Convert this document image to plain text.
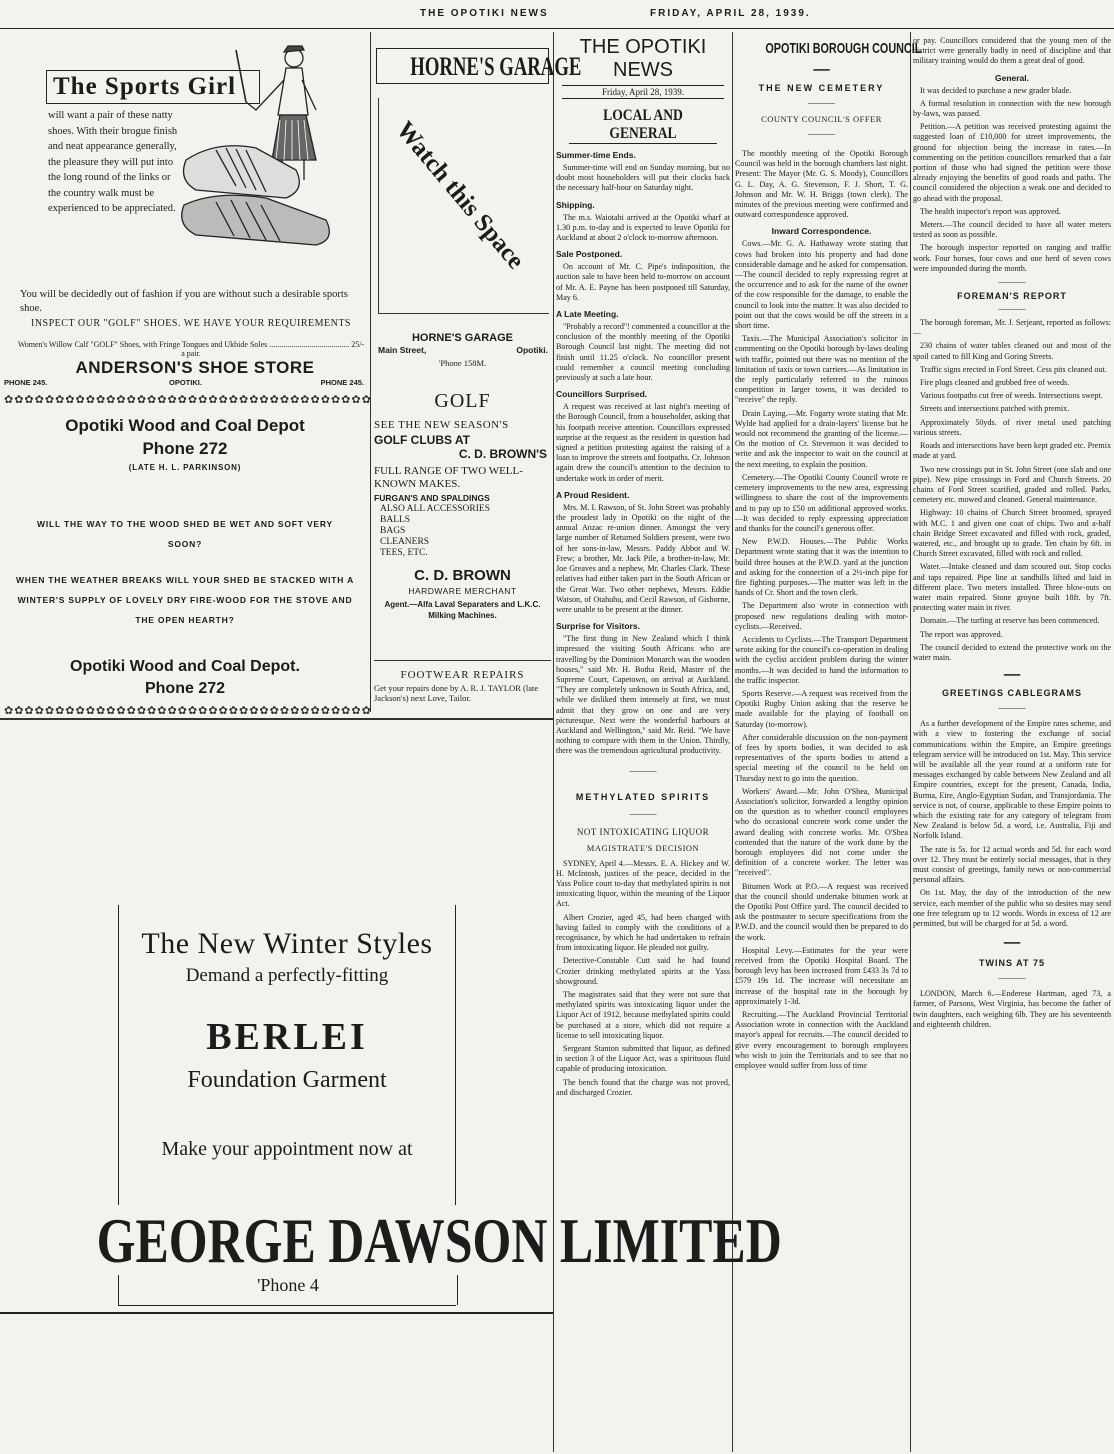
THE OPOTIKI NEWS	FRIDAY, APRIL 28, 1939.
The Sports Girl
will want a pair of these natty shoes. With their brogue finish and neat appearance generally, the pleasure they will put into the long round of the links or the country walk must be experienced to be appreciated.
You will be decidedly out of fashion if you are without such a desirable sports shoe.
INSPECT OUR "GOLF" SHOES. WE HAVE YOUR REQUIREMENTS
Women's Willow Calf "GOLF" Shoes, with Fringe Tongues and Ukbide Soles ........................................ 25/- a pair.
ANDERSON'S SHOE STORE
PHONE 245.	OPOTIKI.	PHONE 245.
✿✿✿✿✿✿✿✿✿✿✿✿✿✿✿✿✿✿✿✿✿✿✿✿✿✿✿✿✿✿✿✿✿✿✿✿
Opotiki Wood and Coal Depot
Phone 272
(LATE H. L. PARKINSON)
WILL THE WAY TO THE WOOD SHED BE WET AND SOFT VERY SOON?
WHEN THE WEATHER BREAKS WILL YOUR SHED BE STACKED WITH A WINTER'S SUPPLY OF LOVELY DRY FIRE-WOOD FOR THE STOVE AND THE OPEN HEARTH?
Opotiki Wood and Coal Depot.
Phone 272
✿✿✿✿✿✿✿✿✿✿✿✿✿✿✿✿✿✿✿✿✿✿✿✿✿✿✿✿✿✿✿✿✿✿✿✿
HORNE'S GARAGE
Watch this Space
HORNE'S GARAGE
Main Street,	Opotiki.
'Phone 158M.
GOLF
SEE THE NEW SEASON'S
GOLF CLUBS AT
C. D. BROWN'S
FULL RANGE OF TWO WELL-KNOWN MAKES.
FURGAN'S AND SPALDINGS
ALSO ALL ACCESSORIES
BALLS
BAGS
CLEANERS
TEES, ETC.
C. D. BROWN
HARDWARE MERCHANT
Agent.—Alfa Laval Separaters and L.K.C. Milking Machines.
FOOTWEAR REPAIRS
Get your repairs done by A. R. J. TAYLOR (late Jackson's) next Love, Tailor.
The New Winter Styles
Demand a perfectly-fitting
BERLEI
Foundation Garment
Make your appointment now at
GEORGE DAWSON LIMITED
'Phone 4
THE OPOTIKI NEWS
Friday, April 28, 1939.
LOCAL AND GENERAL
Summer-time Ends.

Summer-time will end on Sunday morning, but no doubt most householders will put their clocks back the necessary half-hour on Saturday night.

Shipping.

The m.s. Waiotahi arrived at the Opotiki wharf at 1.30 p.m. to-day and is expected to leave Opotiki for Auckland at about 2 o'clock to-morrow afternoon.

Sale Postponed.

On account of Mr. C. Pipe's indisposition, the auction sale to have been held to-morrow on account of Mr. A. E. Payne has been postponed till Saturday, May 6.

A Late Meeting.

"Probably a record"! commented a councillor at the conclusion of the monthly meeting of the Opotiki Borough Council last night. The meeting did not finish until 11.25 o'clock. No councillor present could remember a council meeting concluding previously at such a late hour.

Councillors Surprised.

A request was received at last night's meeting of the Borough Council, from a householder, asking that his footpath receive attention. Councillors expressed surprise at the request as the resident in question had signed a petition protesting against the raising of a loan to improve the streets and footpaths. Cr. Johnson again drew the council's attention to the decision to undertake work in order of merit.

A Proud Resident.

Mrs. M. I. Rawson, of St. John Street was probably the proudest lady in Opotiki on the night of the annual Anzac re-union dinner. Amongst the very large number of Returned Soldiers present, were two of her sons-in-law, Messrs. Paddy Abbot and W. Frew; a brother, Mr. Jack Pile, a brother-in-law, Mr. Joe Greaves and a nephew, Mr. Charles Clark. These relatives had either taken part in the South African or the Great War. Two other nephews, Messrs. Eddie Watson, of Otahuhu, and Cecil Rawson, of Gisborne, were unable to be present at the dinner.

Surprise for Visitors.

"The first thing in New Zealand which I think impressed the visiting South Africans who are travelling by the Dominion Monarch was the wooden houses," said Mr. H. Botha Reid, Master of the Supreme Court, Capetown, on arrival at Auckland. "They are completely unknown in South Africa, and, while we disliked them intensely at first, we must admit that they grow on one and are very picturesque. Next were the wonderful harbours at Auckland and Wellington," said Mr. Reid. "We have nothing to compare with them in the Union. Thirdly, there was the tremendous agricultural productivity.

———
METHYLATED SPIRITS
———
NOT INTOXICATING LIQUOR
MAGISTRATE'S DECISION

SYDNEY, April 4.—Messrs. E. A. Hickey and W. H. McIntosh, justices of the peace, decided in the Yass Police court to-day that methylated spirits is not intoxicating liquor, within the meaning of the Liquor Act.

Albert Crozier, aged 45, had been charged with having failed to comply with the conditions of a recognisance, by which he had undertaken to refrain from intoxicating liquor. He pleaded not guilty.

Detective-Constable Cutt said he had found Crozier drinking methylated spirits at the Yass showground.

The magistrates said that they were not sure that methylated spirits was intoxicating liquor under the Liquor Act of 1912, because methylated spirits could be purchased at a store, which did not require a license to sell intoxicating liquor.

Sergeant Stanton submitted that liquor, as defined in section 3 of the Liquor Act, was a spirituous fluid capable of producing intoxication.

The bench found that the charge was not proved, and discharged Crozier.

OPOTIKI BOROUGH COUNCIL
━━━
THE NEW CEMETERY
———
COUNTY COUNCIL'S OFFER
———

The monthly meeting of the Opotiki Borough Council was held in the borough chambers last night. Present: The Mayor (Mr. G. S. Moody), Councillors G. L. Day, A. G. Stevenson, F. J. Short, T. G. Johnson and Mr. W. H. Briggs (town clerk). The minutes of the previous meeting were confirmed and outward correspondence approved.

Inward Correspondence.

Cows.—Mr. G. A. Hathaway wrote stating that cows had broken into his property and had done considerable damage and he asked for compensation.—The council decided to reply expressing regret at the occurrence and to ask for the name of the owner of the cow responsible for the damage, to enable the council to look into the matter. It was also decided to point out that the cows would be off the streets in a short time.

Taxis.—The Municipal Association's solicitor in commenting on the Opotiki borough by-laws dealing with traffic, pointed out there was no mention of the limitation of taxis or town carriers.—As limitation in the reply particularly referred to the ruinous competition in larger towns, it was decided to "receive" the reply.

Drain Laying.—Mr. Fogarty wrote stating that Mr. Wylde had applied for a drain-layers' license but he would not recommend the granting of the license.—On the motion of Cr. Stevenson it was decided to write and ask the inspector to wait on the council at the next meeting, to explain the position.

Cemetery.—The Opotiki County Council wrote re cemetery improvements to the new area, expressing willingness to share the cost of the improvements and to pay up to £50 on additional approved works.—It was decided to reply expressing appreciation and thanks for the council's generous offer.

New P.W.D. Houses.—The Public Works Department wrote stating that it was the intention to build three houses at the P.W.D. yard at the junction and asking for the connection of a 2½-inch pipe for fire fighting purposes.—The matter was left in the hands of Cr. Short and the town clerk.

The Department also wrote in connection with proposed new regulations dealing with motor-cyclists.—Received.

Accidents to Cyclists.—The Transport Department wrote asking for the council's co-operation in dealing with the cyclist accident problem during the winter months.—It was decided to hand the information to the traffic inspector.

Sports Reserve.—A request was received from the Opotiki Rugby Union asking that the reserve be made available for the playing of football on Saturday (to-morrow).

After considerable discussion on the non-payment of fees by sports bodies, it was decided to ask representatives of the sports bodies to attend a special meeting of the council to be held on Thursday next to go into the question.

Workers' Award.—Mr. John O'Shea, Municipal Association's solicitor, forwarded a lengthy opinion on the question as to whether council employees who do occasional concrete work come under the award dealing with concrete works. Mr. O'Shea contended that the nature of the work done by the borough employees did not come under the definition of a concrete worker. The letter was "received".

Bitumen Work at P.O.—A request was received that the council should undertake bitumen work at the Opotiki Post Office yard. The council decided to ask the postmaster to secure specifications from the P.W.D. and the council would then be prepared to do the work.

Hospital Levy.—Estimates for the year were received from the Opotiki Hospital Board. The borough levy has been increased from £433 3s 7d to £579 19s 1d. The increase will necessitate an increase of the hospital rate in the borough by approximately 1-3d.

Recruiting.—The Auckland Provincial Territorial Association wrote in connection with the Auckland mayor's appeal for recruits.—The council decided to give every encouragement to borough employees who wish to join the Territorials and to see that no employee would suffer from loss of time

or pay. Councillors considered that the young men of the district were generally badly in need of discipline and that military training would do them a great deal of good.

General.

It was decided to purchase a new grader blade.

A formal resolution in connection with the new borough by-laws, was passed.

Petition.—A petition was received protesting against the suggested loan of £10,000 for street improvements, the ground for objection being the increase in rates.—In commenting on the petition councillors remarked that a fair portion of those who had signed the petition were those already enjoying the benefits of good roads and paths. The council considered the objection a weak one and decided to go ahead with the proposal.

The health inspector's report was approved.

Meters.—The council decided to have all water meters tested as soon as possible.

The borough inspector reported on ranging and traffic work. Four horses, four cows and one herd of seven cows were impounded during the month.

———
FOREMAN'S REPORT
———

The borough foreman, Mr. J. Serjeant, reported as follows:—

230 chains of water tables cleaned out and most of the spoil carted to fill King and Goring Streets.

Traffic signs erected in Ford Street. Cess pits cleaned out.

Fire plugs cleaned and grubbed free of weeds.

Various footpaths cut free of weeds. Intersections swept.

Streets and intersections patched with premix.

Approximately 50yds. of river metal used patching various streets.

Roads and intersections have been kept graded etc. Premix made at yard.

Two new crossings put in St. John Street (one slab and one pipe). New pipe crossings in Ford and Church Streets. 20 chains of Ford Street scarified, graded and rolled. Parks, cemetery etc. mowed and cleaned. General maintenance.

Highway: 10 chains of Church Street broomed, sprayed with M.C. 1 and given one coat of chips. Two and a-half chain Bridge Street excavated and filled with rock, graded, watered, etc., and brought up to grade. Ten chain by 6ft. in Church Street excavated, filled with rock and rolled.

Water.—Intake cleaned and dam scoured out. Stop cocks and taps repaired. Pipe line at sandhills lifted and laid in different place. Two meters installed. Three blow-outs on water main repaired. Stone groyne built 18ft. by 7ft. protecting water main in river.

Domain.—The turfing at reserve has been commenced.

The report was approved.

The council decided to extend the protective work on the water main.

━━━
GREETINGS CABLEGRAMS
———

As a further development of the Empire rates scheme, and with a view to fostering the exchange of social communications within the Empire, an Empire greetings telegram service will be introduced on 1st. May. This service will be available all the year round at a uniform rate for messages exchanged by cable between New Zealand and all Empire countries, except for the present, Canada, India, Burma, Eire, Anglo-Egyptian Sudan, and Transjordania. The service is not, of course, applicable to these Empire points to which the existing rate for any category of telegram from New Zealand is below 5d. a word, i.e. Australia, Fiji and Norfolk Island.

The rate is 5s. for 12 actual words and 5d. for each word over 12. They must be entirely social messages, that is they must consist of greetings, family news or non-commercial personal affairs.

On 1st. May, the day of the introduction of the new service, each member of the public who so desires may send one free telegram up to 12 words. Words in excess of 12 are permitted, but will be charged for at 5d. a word.

━━━
TWINS AT 75
———

LONDON, March 6.—Enderese Hartman, aged 73, a farmer, of Parsons, West Virginia, has become the father of twin daughters, each weighing 6lb. They are his seventeenth and eighteenth children.
